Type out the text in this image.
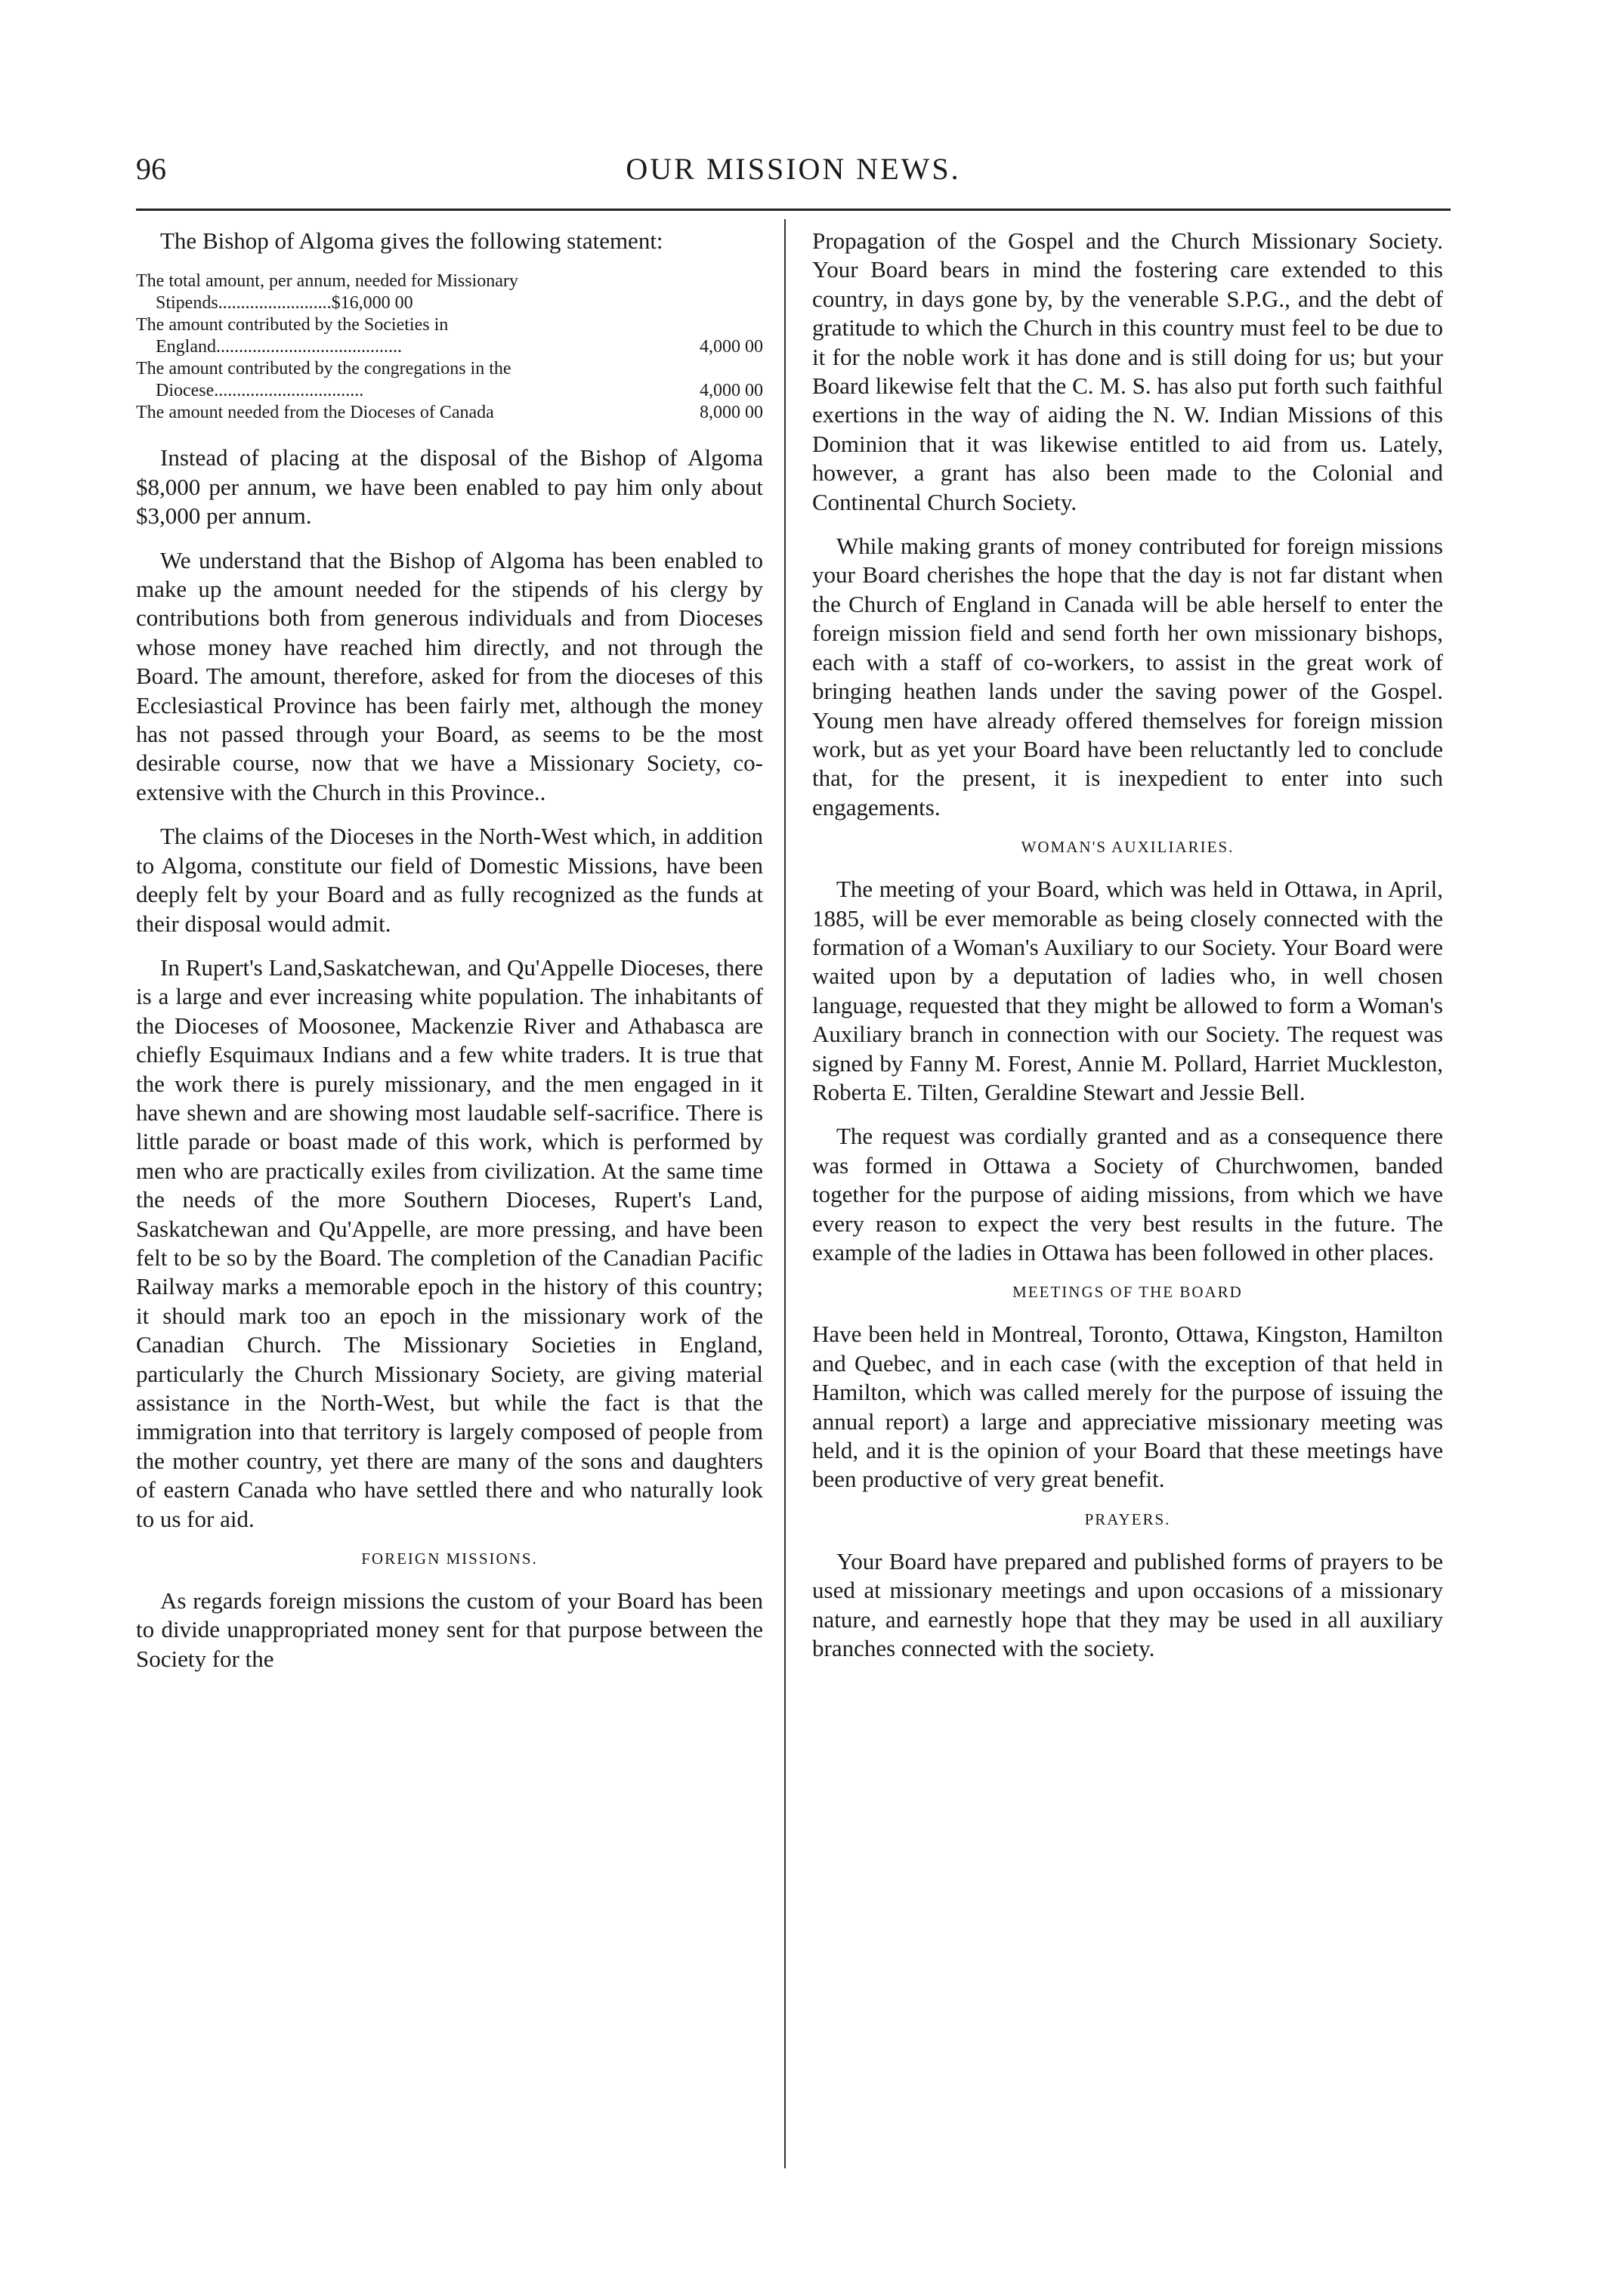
96	OUR MISSION NEWS.

The Bishop of Algoma gives the following statement:

The total amount, per annum, needed for Missionary Stipends.........................$16,000 00	
The amount contributed by the Societies in England.........................................	4,000 00
The amount contributed by the congregations in the Diocese.................................	4,000 00
The amount needed from the Dioceses of Canada	8,000 00

Instead of placing at the disposal of the Bishop of Algoma $8,000 per annum, we have been enabled to pay him only about $3,000 per annum.

We understand that the Bishop of Algoma has been enabled to make up the amount needed for the stipends of his clergy by contributions both from generous individuals and from Dioceses whose money have reached him directly, and not through the Board. The amount, therefore, asked for from the dioceses of this Ecclesiastical Province has been fairly met, although the money has not passed through your Board, as seems to be the most desirable course, now that we have a Missionary Society, co-extensive with the Church in this Province..

The claims of the Dioceses in the North-West which, in addition to Algoma, constitute our field of Domestic Missions, have been deeply felt by your Board and as fully recognized as the funds at their disposal would admit.

In Rupert's Land,Saskatchewan, and Qu'Appelle Dioceses, there is a large and ever increasing white population. The inhabitants of the Dioceses of Moosonee, Mackenzie River and Athabasca are chiefly Esquimaux Indians and a few white traders. It is true that the work there is purely missionary, and the men engaged in it have shewn and are showing most laudable self-sacrifice. There is little parade or boast made of this work, which is performed by men who are practically exiles from civilization. At the same time the needs of the more Southern Dioceses, Rupert's Land, Saskatchewan and Qu'Appelle, are more pressing, and have been felt to be so by the Board. The completion of the Canadian Pacific Railway marks a memorable epoch in the history of this country; it should mark too an epoch in the missionary work of the Canadian Church. The Missionary Societies in England, particularly the Church Missionary Society, are giving material assistance in the North-West, but while the fact is that the immigration into that territory is largely composed of people from the mother country, yet there are many of the sons and daughters of eastern Canada who have settled there and who naturally look to us for aid.

FOREIGN MISSIONS.

As regards foreign missions the custom of your Board has been to divide unappropriated money sent for that purpose between the Society for the

Propagation of the Gospel and the Church Missionary Society. Your Board bears in mind the fostering care extended to this country, in days gone by, by the venerable S.P.G., and the debt of gratitude to which the Church in this country must feel to be due to it for the noble work it has done and is still doing for us; but your Board likewise felt that the C. M. S. has also put forth such faithful exertions in the way of aiding the N. W. Indian Missions of this Dominion that it was likewise entitled to aid from us. Lately, however, a grant has also been made to the Colonial and Continental Church Society.

While making grants of money contributed for foreign missions your Board cherishes the hope that the day is not far distant when the Church of England in Canada will be able herself to enter the foreign mission field and send forth her own missionary bishops, each with a staff of co-workers, to assist in the great work of bringing heathen lands under the saving power of the Gospel. Young men have already offered themselves for foreign mission work, but as yet your Board have been reluctantly led to conclude that, for the present, it is inexpedient to enter into such engagements.

WOMAN'S AUXILIARIES.

The meeting of your Board, which was held in Ottawa, in April, 1885, will be ever memorable as being closely connected with the formation of a Woman's Auxiliary to our Society. Your Board were waited upon by a deputation of ladies who, in well chosen language, requested that they might be allowed to form a Woman's Auxiliary branch in connection with our Society. The request was signed by Fanny M. Forest, Annie M. Pollard, Harriet Muckleston, Roberta E. Tilten, Geraldine Stewart and Jessie Bell.

The request was cordially granted and as a consequence there was formed in Ottawa a Society of Churchwomen, banded together for the purpose of aiding missions, from which we have every reason to expect the very best results in the future. The example of the ladies in Ottawa has been followed in other places.

MEETINGS OF THE BOARD

Have been held in Montreal, Toronto, Ottawa, Kingston, Hamilton and Quebec, and in each case (with the exception of that held in Hamilton, which was called merely for the purpose of issuing the annual report) a large and appreciative missionary meeting was held, and it is the opinion of your Board that these meetings have been productive of very great benefit.

PRAYERS.

Your Board have prepared and published forms of prayers to be used at missionary meetings and upon occasions of a missionary nature, and earnestly hope that they may be used in all auxiliary branches connected with the society.
